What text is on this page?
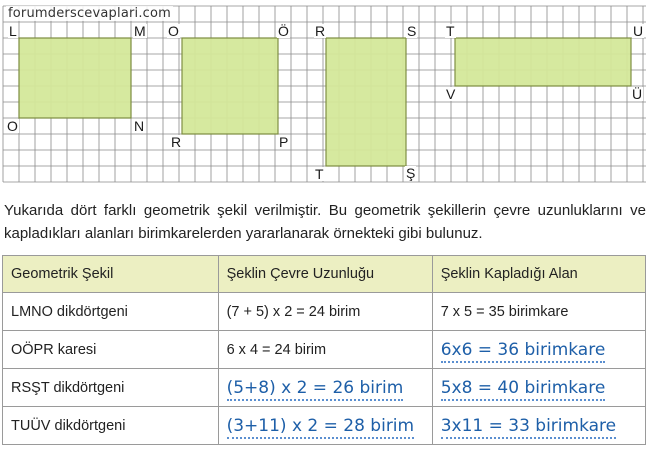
L	M
O	N
O	Ö
R	P
R	S
T	Ş
T	U
V	Ü
forumderscevaplari.com
Yukarıda dört farklı geometrik şekil verilmiştir. Bu geometrik şekillerin çevre uzunluklarını ve kapladıkları alanları birimkarelerden yararlanarak örnekteki gibi bulunuz.
Geometrik Şekil	Şeklin Çevre Uzunluğu	Şeklin Kapladığı Alan
LMNO dikdörtgeni	(7 + 5) x 2 = 24 birim	7 x 5 = 35 birimkare
OÖPR karesi	6 x 4 = 24 birim	6x6 = 36 birimkare
RSŞT dikdörtgeni	(5+8) x 2 = 26 birim	5x8 = 40 birimkare
TUÜV dikdörtgeni	(3+11) x 2 = 28 birim	3x11 = 33 birimkare
